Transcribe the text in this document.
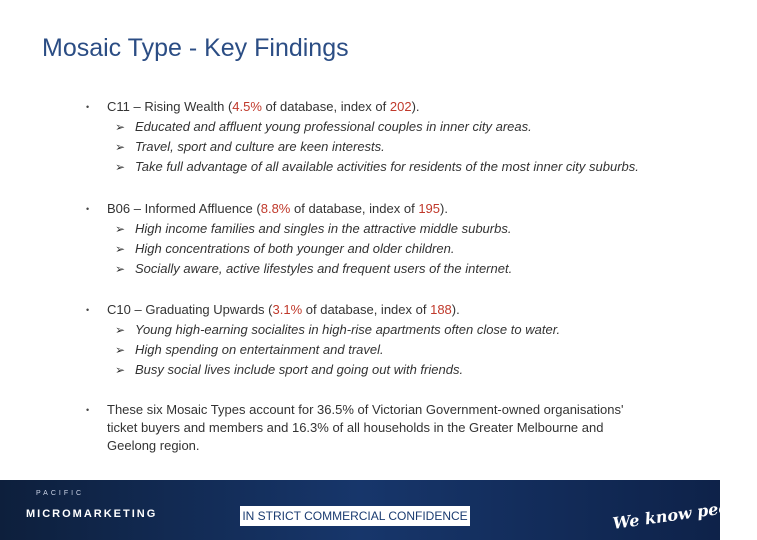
Mosaic Type - Key Findings
• C11 – Rising Wealth (4.5% of database, index of 202).
➢ Educated and affluent young professional couples in inner city areas.
➢ Travel, sport and culture are keen interests.
➢ Take full advantage of all available activities for residents of the most inner city suburbs.
• B06 – Informed Affluence (8.8% of database, index of 195).
➢ High income families and singles in the attractive middle suburbs.
➢ High concentrations of both younger and older children.
➢ Socially aware, active lifestyles and frequent users of the internet.
• C10 – Graduating Upwards (3.1% of database, index of 188).
➢ Young high-earning socialites in high-rise apartments often close to water.
➢ High spending on entertainment and travel.
➢ Busy social lives include sport and going out with friends.
• These six Mosaic Types account for 36.5% of Victorian Government-owned organisations' ticket buyers and members and 16.3% of all households in the Greater Melbourne and Geelong region.
PACIFIC
MICROMARKETING	IN STRICT COMMERCIAL CONFIDENCE	We know people
